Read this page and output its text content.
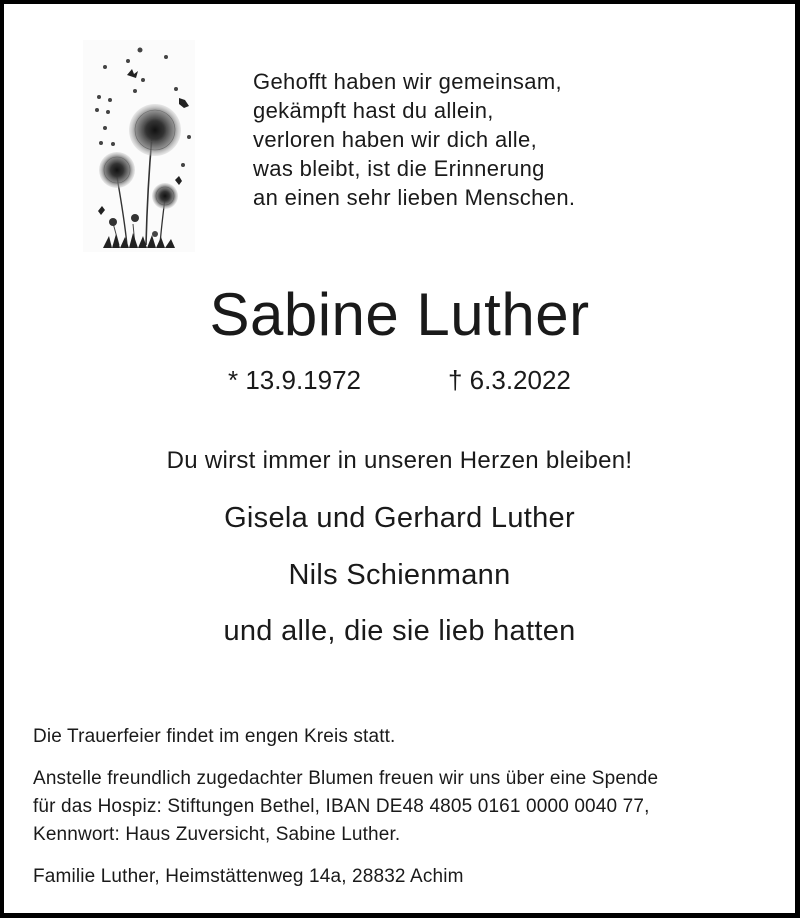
Gehofft haben wir gemeinsam,
gekämpft hast du allein,
verloren haben wir dich alle,
was bleibt, ist die Erinnerung
an einen sehr lieben Menschen.
Sabine Luther
* 13.9.1972	† 6.3.2022
Du wirst immer in unseren Herzen bleiben!
Gisela und Gerhard Luther
Nils Schienmann
und alle, die sie lieb hatten

Die Trauerfeier findet im engen Kreis statt.

Anstelle freundlich zugedachter Blumen freuen wir uns über eine Spende
für das Hospiz: Stiftungen Bethel, IBAN DE48 4805 0161 0000 0040 77,
Kennwort: Haus Zuversicht, Sabine Luther.

Familie Luther, Heimstättenweg 14a, 28832 Achim
